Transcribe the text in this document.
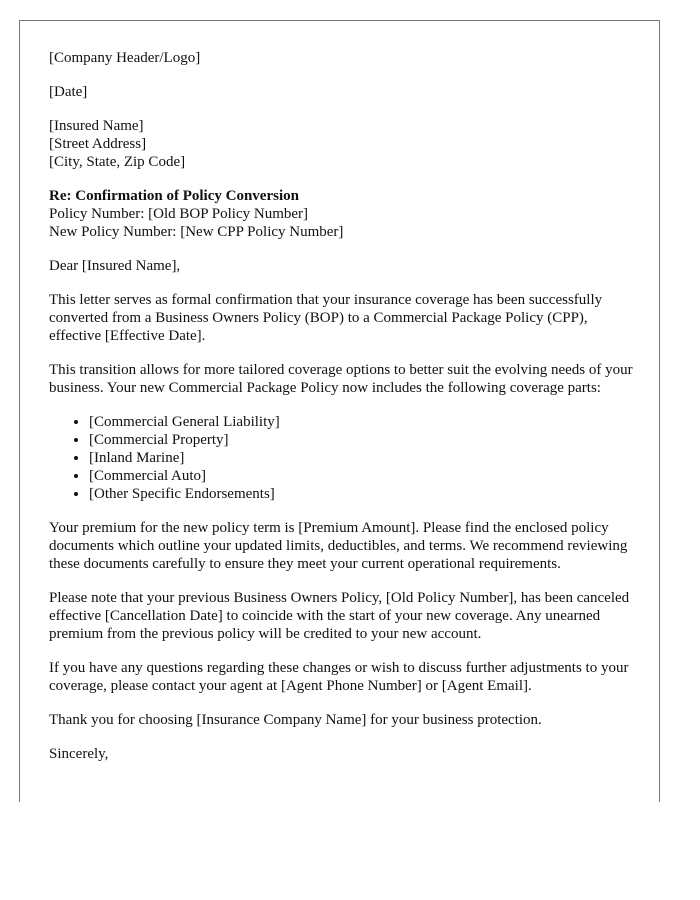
[Company Header/Logo]
[Date]
[Insured Name]
[Street Address]
[City, State, Zip Code]
Re: Confirmation of Policy Conversion
Policy Number: [Old BOP Policy Number]
New Policy Number: [New CPP Policy Number]
Dear [Insured Name],

This letter serves as formal confirmation that your insurance coverage has been successfully converted from a Business Owners Policy (BOP) to a Commercial Package Policy (CPP), effective [Effective Date].

This transition allows for more tailored coverage options to better suit the evolving needs of your business. Your new Commercial Package Policy now includes the following coverage parts:

• [Commercial General Liability]
• [Commercial Property]
• [Inland Marine]
• [Commercial Auto]
• [Other Specific Endorsements]

Your premium for the new policy term is [Premium Amount]. Please find the enclosed policy documents which outline your updated limits, deductibles, and terms. We recommend reviewing these documents carefully to ensure they meet your current operational requirements.

Please note that your previous Business Owners Policy, [Old Policy Number], has been canceled effective [Cancellation Date] to coincide with the start of your new coverage. Any unearned premium from the previous policy will be credited to your new account.

If you have any questions regarding these changes or wish to discuss further adjustments to your coverage, please contact your agent at [Agent Phone Number] or [Agent Email].

Thank you for choosing [Insurance Company Name] for your business protection.

Sincerely,
